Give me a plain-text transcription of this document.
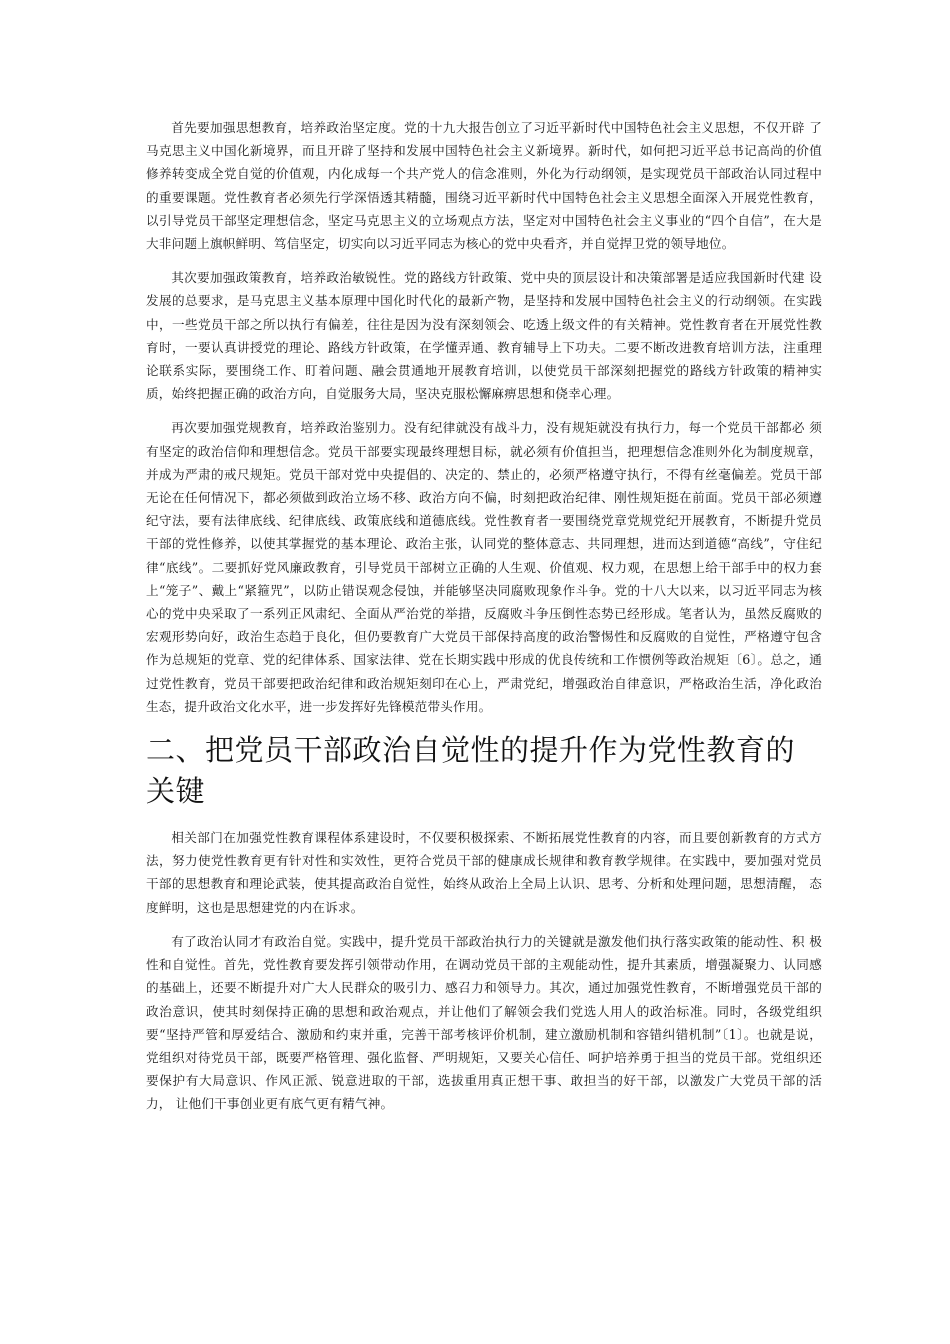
首先要加强思想教育，培养政治坚定度。党的十九大报告创立了习近平新时代中国特色社会主义思想，不仅开辟 了马克思主义中国化新境界，而且开辟了坚持和发展中国特色社会主义新境界。新时代，如何把习近平总书记高尚的价值修养转变成全党自觉的价值观，内化成每一个共产党人的信念准则，外化为行动纲领，是实现党员干部政治认同过程中的重要课题。党性教育者必须先行学深悟透其精髓，围绕习近平新时代中国特色社会主义思想全面深入开展党性教育， 以引导党员干部坚定理想信念，坚定马克思主义的立场观点方法，坚定对中国特色社会主义事业的“四个自信”，在大是 大非问题上旗帜鲜明、笃信坚定，切实向以习近平同志为核心的党中央看齐，并自觉捍卫党的领导地位。

其次要加强政策教育，培养政治敏锐性。党的路线方针政策、党中央的顶层设计和决策部署是适应我国新时代建 设发展的总要求，是马克思主义基本原理中国化时代化的最新产物，是坚持和发展中国特色社会主义的行动纲领。在实践中，一些党员干部之所以执行有偏差，往往是因为没有深刻领会、吃透上级文件的有关精神。党性教育者在开展党性教育时，一要认真讲授党的理论、路线方针政策，在学懂弄通、教育辅导上下功夫。二要不断改进教育培训方法，注重理论联系实际，要围绕工作、盯着问题、融会贯通地开展教育培训，以使党员干部深刻把握党的路线方针政策的精神实 质，始终把握正确的政治方向，自觉服务大局，坚决克服松懈麻痹思想和侥幸心理。

再次要加强党规教育，培养政治鉴别力。没有纪律就没有战斗力，没有规矩就没有执行力，每一个党员干部都必 须有坚定的政治信仰和理想信念。党员干部要实现最终理想目标，就必须有价值担当，把理想信念准则外化为制度规章， 并成为严肃的戒尺规矩。党员干部对党中央提倡的、决定的、禁止的，必须严格遵守执行，不得有丝毫偏差。党员干部无论在任何情况下，都必须做到政治立场不移、政治方向不偏，时刻把政治纪律、刚性规矩挺在前面。党员干部必须遵纪守法，要有法律底线、纪律底线、政策底线和道德底线。党性教育者一要围绕党章党规党纪开展教育，不断提升党员干部的党性修养，以使其掌握党的基本理论、政治主张，认同党的整体意志、共同理想，进而达到道德“高线”，守住纪 律“底线”。二要抓好党风廉政教育，引导党员干部树立正确的人生观、价值观、权力观，在思想上给干部手中的权力套 上“笼子”、戴上“紧箍咒”，以防止错误观念侵蚀，并能够坚决同腐败现象作斗争。党的十八大以来，以习近平同志为核心的党中央采取了一系列正风肃纪、全面从严治党的举措，反腐败斗争压倒性态势已经形成。笔者认为，虽然反腐败的宏观形势向好，政治生态趋于良化，但仍要教育广大党员干部保持高度的政治警惕性和反腐败的自觉性，严格遵守包含作为总规矩的党章、党的纪律体系、国家法律、党在长期实践中形成的优良传统和工作惯例等政治规矩〔6〕。总之，通 过党性教育，党员干部要把政治纪律和政治规矩刻印在心上，严肃党纪，增强政治自律意识，严格政治生活，净化政治生态，提升政治文化水平，进一步发挥好先锋模范带头作用。

二、把党员干部政治自觉性的提升作为党性教育的关键

相关部门在加强党性教育课程体系建设时，不仅要积极探索、不断拓展党性教育的内容，而且要创新教育的方式方法，努力使党性教育更有针对性和实效性，更符合党员干部的健康成长规律和教育教学规律。在实践中，要加强对党员干部的思想教育和理论武装，使其提高政治自觉性，始终从政治上全局上认识、思考、分析和处理问题，思想清醒， 态度鲜明，这也是思想建党的内在诉求。

有了政治认同才有政治自觉。实践中，提升党员干部政治执行力的关键就是激发他们执行落实政策的能动性、积 极性和自觉性。首先，党性教育要发挥引领带动作用，在调动党员干部的主观能动性，提升其素质，增强凝聚力、认同感的基础上，还要不断提升对广大人民群众的吸引力、感召力和领导力。其次，通过加强党性教育，不断增强党员干部的政治意识，使其时刻保持正确的思想和政治观点，并让他们了解领会我们党选人用人的政治标准。同时，各级党组织要“坚持严管和厚爱结合、激励和约束并重，完善干部考核评价机制，建立激励机制和容错纠错机制”〔1〕。也就是说， 党组织对待党员干部，既要严格管理、强化监督、严明规矩，又要关心信任、呵护培养勇于担当的党员干部。党组织还 要保护有大局意识、作风正派、锐意进取的干部，选拔重用真正想干事、敢担当的好干部，以激发广大党员干部的活力， 让他们干事创业更有底气更有精气神。
